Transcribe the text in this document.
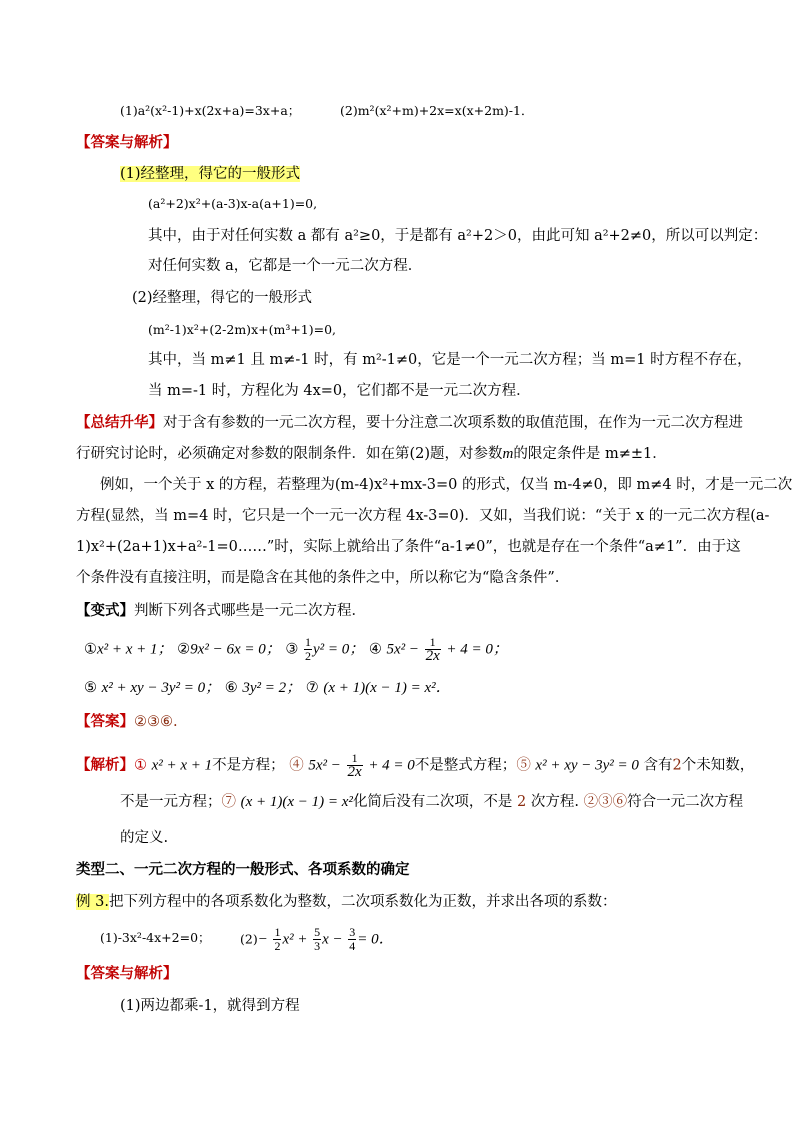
(1)a²(x²-1)+x(2x+a)=3x+a；	(2)m²(x²+m)+2x=x(x+2m)-1．
【答案与解析】
(1)经整理，得它的一般形式
(a²+2)x²+(a-3)x-a(a+1)=0,
其中，由于对任何实数 a 都有 a²≥0，于是都有 a²+2＞0，由此可知 a²+2≠0，所以可以判定：
对任何实数 a，它都是一个一元二次方程．
(2)经整理，得它的一般形式
(m²-1)x²+(2-2m)x+(m³+1)=0,
其中，当 m≠1 且 m≠-1 时，有 m²-1≠0，它是一个一元二次方程；当 m=1 时方程不存在，
当 m=-1 时，方程化为 4x=0，它们都不是一元二次方程．
【总结升华】对于含有参数的一元二次方程，要十分注意二次项系数的取值范围，在作为一元二次方程进
行研究讨论时，必须确定对参数的限制条件．如在第(2)题，对参数m的限定条件是 m≠±1．
例如，一个关于 x 的方程，若整理为(m-4)x²+mx-3=0 的形式，仅当 m-4≠0，即 m≠4 时，才是一元二次
方程(显然，当 m=4 时，它只是一个一元一次方程 4x-3=0)．又如，当我们说：“关于 x 的一元二次方程(a-
1)x²+(2a+1)x+a²-1=0……”时，实际上就给出了条件“a-1≠0”，也就是存在一个条件“a≠1”．由于这
个条件没有直接注明，而是隐含在其他的条件之中，所以称它为“隐含条件”．
【变式】判断下列各式哪些是一元二次方程．
①x² + x + 1； ②9x² − 6x = 0； ③ $\frac{1}{2} y^2 = 0$； ④ $5x^2 - \frac{1}{2x} + 4 = 0$；
⑤ x² + xy − 3y² = 0； ⑥ 3y² = 2； ⑦ (x + 1)(x − 1) = x²．
【答案】②③⑥.
【解析】① x² + x + 1不是方程； ④ $5x^2 - \frac{1}{2x} + 4 = 0$不是整式方程；⑤ x² + xy − 3y² = 0 含有2个未知数，
不是一元方程；⑦ (x + 1)(x − 1) = x²化简后没有二次项，不是 2 次方程. ②③⑥符合一元二次方程
的定义.
类型二、一元二次方程的一般形式、各项系数的确定
例 3.把下列方程中的各项系数化为整数，二次项系数化为正数，并求出各项的系数：
(1)-3x²-4x+2=0； $(2)- \frac{1}{2} x^2 + \frac{5}{3}$ $x - \frac{3}{4} = 0$．
【答案与解析】
(1)两边都乘-1，就得到方程
